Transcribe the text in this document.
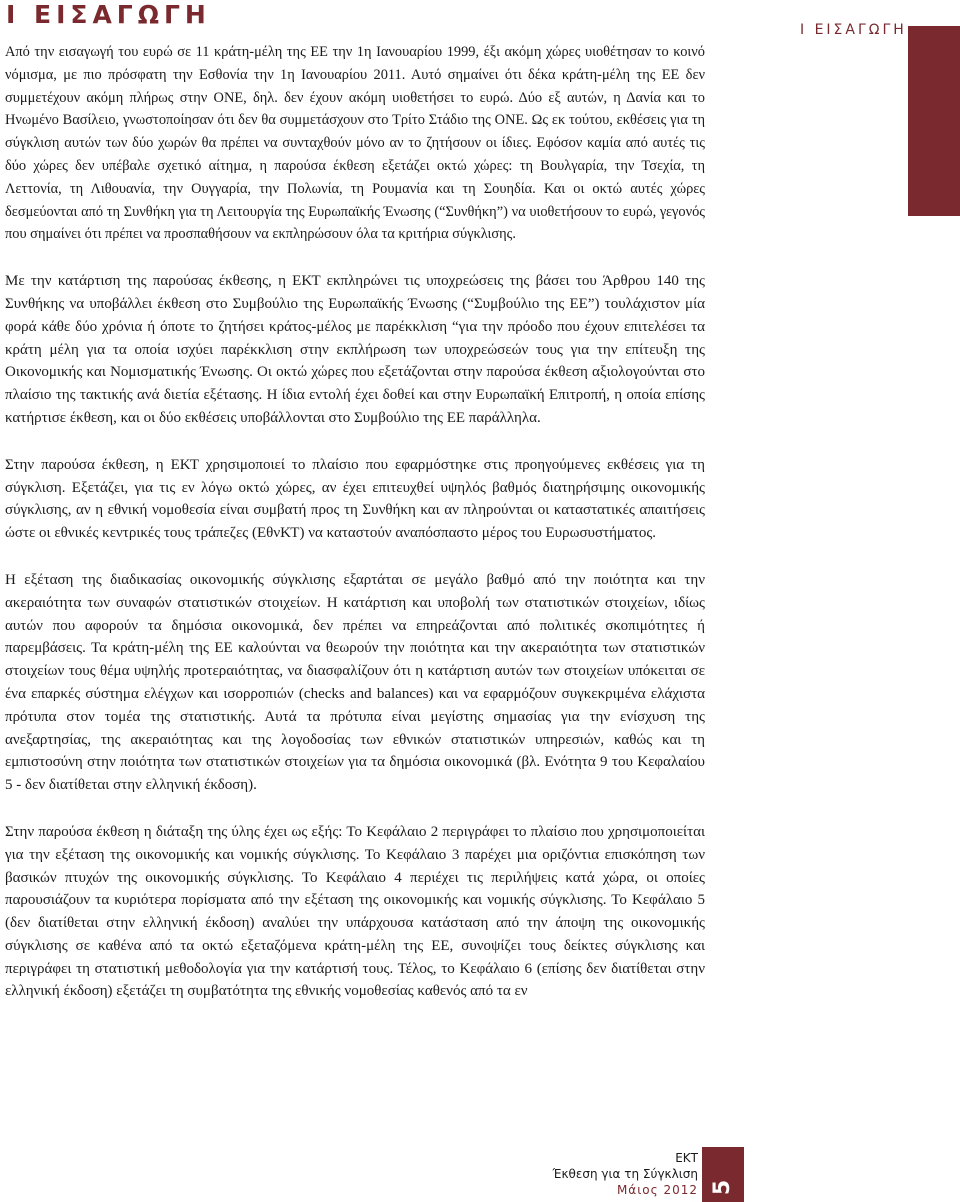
I ΕΙΣΑΓΩΓΗ
I ΕΙΣΑΓΩΓΗ

Από την εισαγωγή του ευρώ σε 11 κράτη-μέλη της ΕΕ την 1η Ιανουαρίου 1999, έξι ακόμη χώρες υιοθέτησαν το κοινό νόμισμα, με πιο πρόσφατη την Εσθονία την 1η Ιανουαρίου 2011. Αυτό σημαίνει ότι δέκα κράτη-μέλη της ΕΕ δεν συμμετέχουν ακόμη πλήρως στην ΟΝΕ, δηλ. δεν έχουν ακόμη υιοθετήσει το ευρώ. Δύο εξ αυτών, η Δανία και το Ηνωμένο Βασίλειο, γνωστοποίησαν ότι δεν θα συμμετάσχουν στο Τρίτο Στάδιο της ΟΝΕ. Ως εκ τούτου, εκθέσεις για τη σύγκλιση αυτών των δύο χωρών θα πρέπει να συνταχθούν μόνο αν το ζητήσουν οι ίδιες. Εφόσον καμία από αυτές τις δύο χώρες δεν υπέβαλε σχετικό αίτημα, η παρούσα έκθεση εξετάζει οκτώ χώρες: τη Βουλγαρία, την Τσεχία, τη Λεττονία, τη Λιθουανία, την Ουγγαρία, την Πολωνία, τη Ρουμανία και τη Σουηδία. Και οι οκτώ αυτές χώρες δεσμεύονται από τη Συνθήκη για τη Λειτουργία της Ευρωπαϊκής Ένωσης (“Συνθήκη”) να υιοθετήσουν το ευρώ, γεγονός που σημαίνει ότι πρέπει να προσπαθήσουν να εκπληρώσουν όλα τα κριτήρια σύγκλισης.

Με την κατάρτιση της παρούσας έκθεσης, η ΕΚΤ εκπληρώνει τις υποχρεώσεις της βάσει του Άρθρου 140 της Συνθήκης να υποβάλλει έκθεση στο Συμβούλιο της Ευρωπαϊκής Ένωσης (“Συμβούλιο της ΕΕ”) τουλάχιστον μία φορά κάθε δύο χρόνια ή όποτε το ζητήσει κράτος-μέλος με παρέκκλιση “για την πρόοδο που έχουν επιτελέσει τα κράτη μέλη για τα οποία ισχύει παρέκκλιση στην εκπλήρωση των υποχρεώσεών τους για την επίτευξη της Οικονομικής και Νομισματικής Ένωσης. Οι οκτώ χώρες που εξετάζονται στην παρούσα έκθεση αξιολογούνται στο πλαίσιο της τακτικής ανά διετία εξέτασης. Η ίδια εντολή έχει δοθεί και στην Ευρωπαϊκή Επιτροπή, η οποία επίσης κατήρτισε έκθεση, και οι δύο εκθέσεις υποβάλλονται στο Συμβούλιο της ΕΕ παράλληλα.

Στην παρούσα έκθεση, η ΕΚΤ χρησιμοποιεί το πλαίσιο που εφαρμόστηκε στις προηγούμενες εκθέσεις για τη σύγκλιση. Εξετάζει, για τις εν λόγω οκτώ χώρες, αν έχει επιτευχθεί υψηλός βαθμός διατηρήσιμης οικονομικής σύγκλισης, αν η εθνική νομοθεσία είναι συμβατή προς τη Συνθήκη και αν πληρούνται οι καταστατικές απαιτήσεις ώστε οι εθνικές κεντρικές τους τράπεζες (ΕθνΚΤ) να καταστούν αναπόσπαστο μέρος του Ευρωσυστήματος.

Η εξέταση της διαδικασίας οικονομικής σύγκλισης εξαρτάται σε μεγάλο βαθμό από την ποιότητα και την ακεραιότητα των συναφών στατιστικών στοιχείων. Η κατάρτιση και υποβολή των στατιστικών στοιχείων, ιδίως αυτών που αφορούν τα δημόσια οικονομικά, δεν πρέπει να επηρεάζονται από πολιτικές σκοπιμότητες ή παρεμβάσεις. Τα κράτη-μέλη της ΕΕ καλούνται να θεωρούν την ποιότητα και την ακεραιότητα των στατιστικών στοιχείων τους θέμα υψηλής προτεραιότητας, να διασφαλίζουν ότι η κατάρτιση αυτών των στοιχείων υπόκειται σε ένα επαρκές σύστημα ελέγχων και ισορροπιών (checks and balances) και να εφαρμόζουν συγκεκριμένα ελάχιστα πρότυπα στον τομέα της στατιστικής. Αυτά τα πρότυπα είναι μεγίστης σημασίας για την ενίσχυση της ανεξαρτησίας, της ακεραιότητας και της λογοδοσίας των εθνικών στατιστικών υπηρεσιών, καθώς και τη εμπιστοσύνη στην ποιότητα των στατιστικών στοιχείων για τα δημόσια οικονομικά (βλ. Ενότητα 9 του Κεφαλαίου 5 - δεν διατίθεται στην ελληνική έκδοση).

Στην παρούσα έκθεση η διάταξη της ύλης έχει ως εξής: Το Κεφάλαιο 2 περιγράφει το πλαίσιο που χρησιμοποιείται για την εξέταση της οικονομικής και νομικής σύγκλισης. Το Κεφάλαιο 3 παρέχει μια οριζόντια επισκόπηση των βασικών πτυχών της οικονομικής σύγκλισης. Το Κεφάλαιο 4 περιέχει τις περιλήψεις κατά χώρα, οι οποίες παρουσιάζουν τα κυριότερα πορίσματα από την εξέταση της οικονομικής και νομικής σύγκλισης. Το Κεφάλαιο 5 (δεν διατίθεται στην ελληνική έκδοση) αναλύει την υπάρχουσα κατάσταση από την άποψη της οικονομικής σύγκλισης σε καθένα από τα οκτώ εξεταζόμενα κράτη-μέλη της ΕΕ, συνοψίζει τους δείκτες σύγκλισης και περιγράφει τη στατιστική μεθοδολογία για την κατάρτισή τους. Τέλος, το Κεφάλαιο 6 (επίσης δεν διατίθεται στην ελληνική έκδοση) εξετάζει τη συμβατότητα της εθνικής νομοθεσίας καθενός από τα εν

ΕΚΤ
Έκθεση για τη Σύγκλιση
Μάιος 2012 5
